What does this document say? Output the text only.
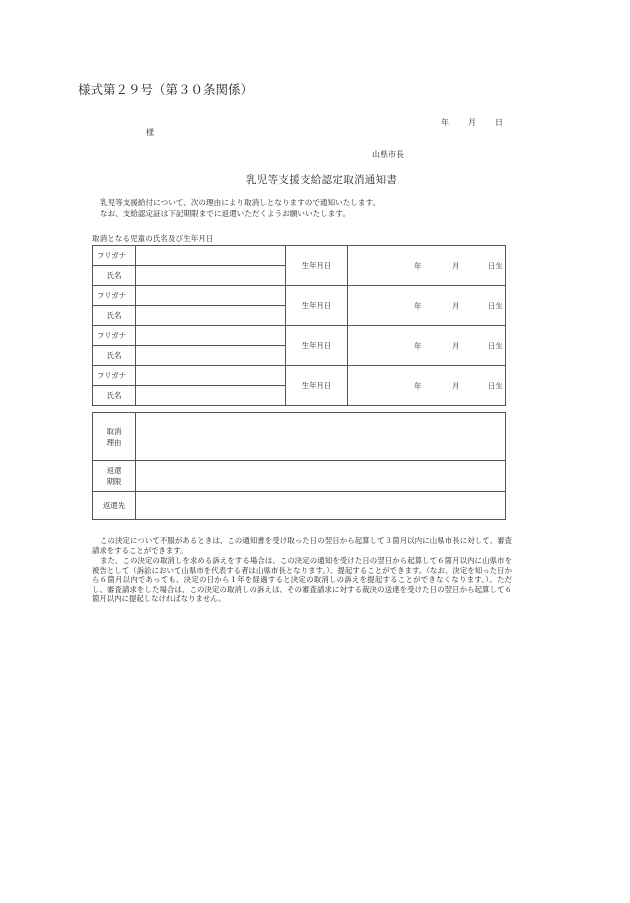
様式第２９号（第３０条関係）
年 月 日
様
山県市長
乳児等支援支給認定取消通知書
乳児等支援給付について、次の理由により取消しとなりますので通知いたします。
なお、支給認定証は下記期限までに返還いただくようお願いいたします。
取消となる児童の氏名及び生年月日
フリガナ		生年月日	年 月 日生

氏名			
フリガナ		生年月日	年 月 日生

氏名			
フリガナ		生年月日	年 月 日生

氏名			
フリガナ		生年月日	年 月 日生

氏名			
取消
理由	

返還
期限	

返還先	
この決定について不服があるときは、この通知書を受け取った日の翌日から起算して３箇月以内に山県市長に対して、審査請求をすることができます。
また、この決定の取消しを求める訴えをする場合は、この決定の通知を受けた日の翌日から起算して６箇月以内に山県市を被告として（訴訟において山県市を代表する者は山県市長となります。）、提起することができます。（なお、決定を知った日から６箇月以内であっても、決定の日から１年を経過すると決定の取消しの訴えを提起することができなくなります。）。ただし、審査請求をした場合は、この決定の取消しの訴えは、その審査請求に対する裁決の送達を受けた日の翌日から起算して６箇月以内に提起しなければなりません。
